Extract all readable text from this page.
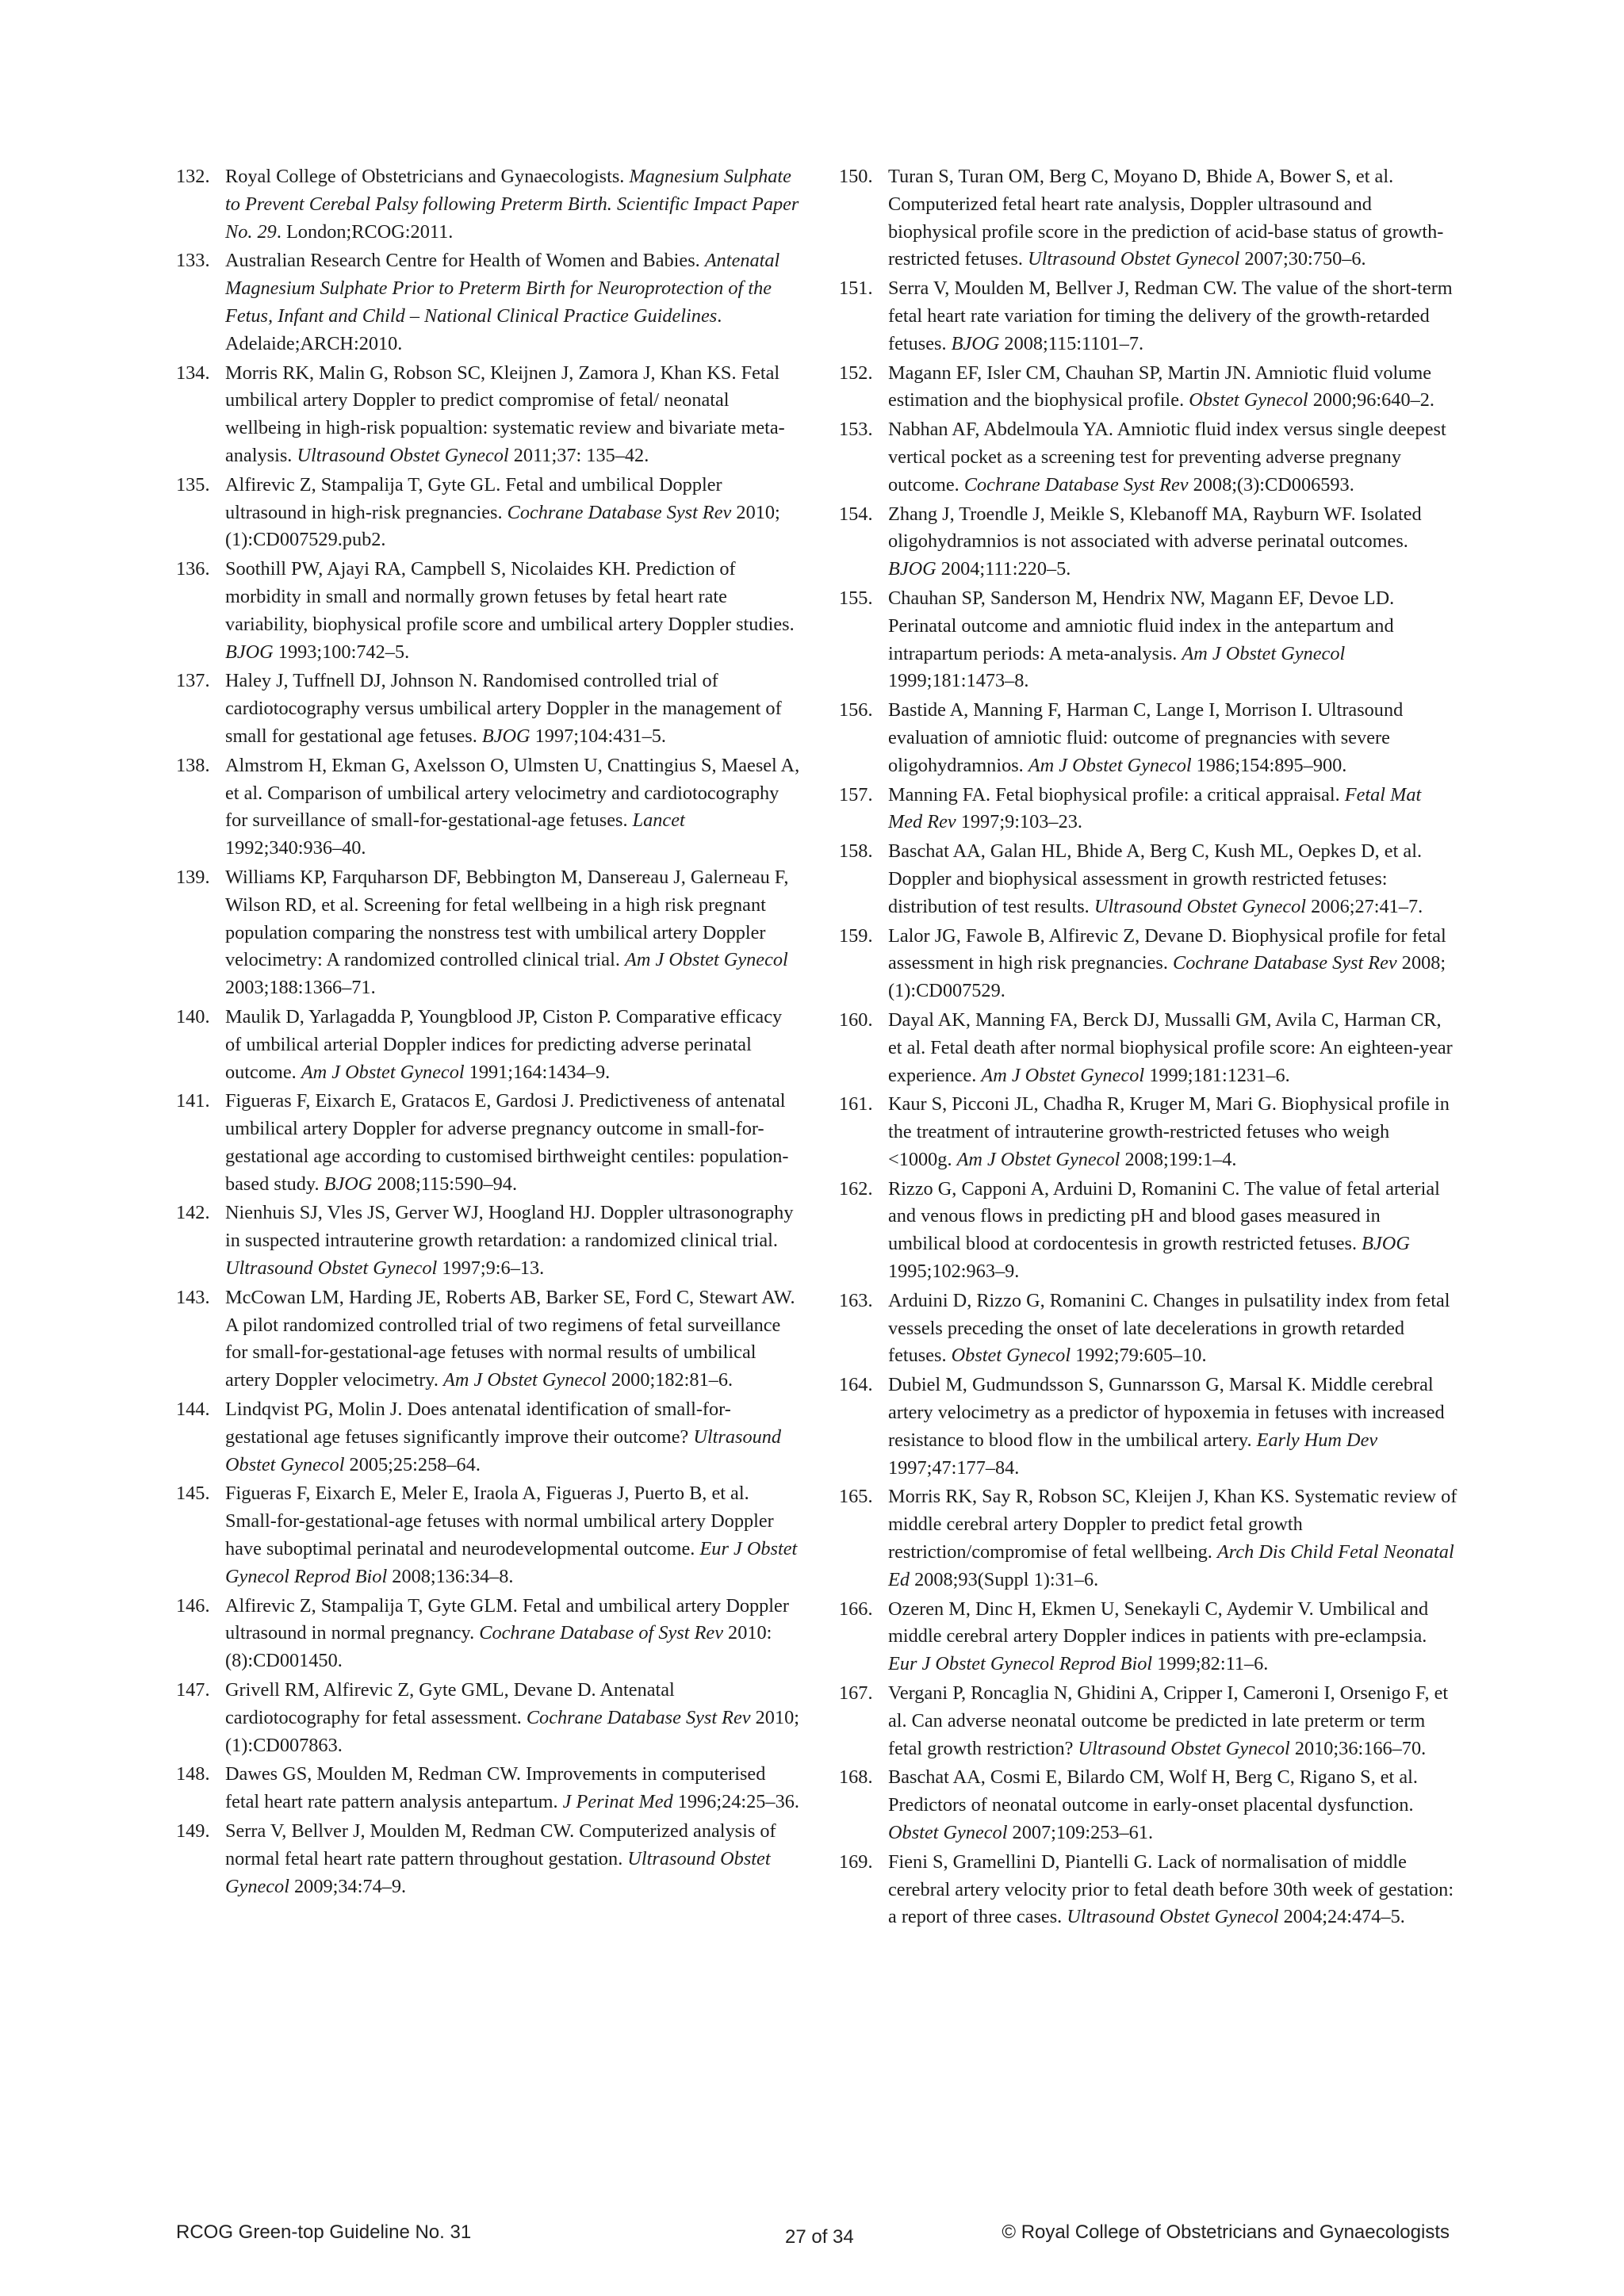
132. Royal College of Obstetricians and Gynaecologists. Magnesium Sulphate to Prevent Cerebal Palsy following Preterm Birth. Scientific Impact Paper No. 29. London;RCOG:2011.
133. Australian Research Centre for Health of Women and Babies. Antenatal Magnesium Sulphate Prior to Preterm Birth for Neuroprotection of the Fetus, Infant and Child – National Clinical Practice Guidelines. Adelaide;ARCH:2010.
134. Morris RK, Malin G, Robson SC, Kleijnen J, Zamora J, Khan KS. Fetal umbilical artery Doppler to predict compromise of fetal/ neonatal wellbeing in high-risk popualtion: systematic review and bivariate meta-analysis. Ultrasound Obstet Gynecol 2011;37: 135–42.
135. Alfirevic Z, Stampalija T, Gyte GL. Fetal and umbilical Doppler ultrasound in high-risk pregnancies. Cochrane Database Syst Rev 2010;(1):CD007529.pub2.
136. Soothill PW, Ajayi RA, Campbell S, Nicolaides KH. Prediction of morbidity in small and normally grown fetuses by fetal heart rate variability, biophysical profile score and umbilical artery Doppler studies. BJOG 1993;100:742–5.
137. Haley J, Tuffnell DJ, Johnson N. Randomised controlled trial of cardiotocography versus umbilical artery Doppler in the management of small for gestational age fetuses. BJOG 1997;104:431–5.
138. Almstrom H, Ekman G, Axelsson O, Ulmsten U, Cnattingius S, Maesel A, et al. Comparison of umbilical artery velocimetry and cardiotocography for surveillance of small-for-gestational-age fetuses. Lancet 1992;340:936–40.
139. Williams KP, Farquharson DF, Bebbington M, Dansereau J, Galerneau F, Wilson RD, et al. Screening for fetal wellbeing in a high risk pregnant population comparing the nonstress test with umbilical artery Doppler velocimetry: A randomized controlled clinical trial. Am J Obstet Gynecol 2003;188:1366–71.
140. Maulik D, Yarlagadda P, Youngblood JP, Ciston P. Comparative efficacy of umbilical arterial Doppler indices for predicting adverse perinatal outcome. Am J Obstet Gynecol 1991;164:1434–9.
141. Figueras F, Eixarch E, Gratacos E, Gardosi J. Predictiveness of antenatal umbilical artery Doppler for adverse pregnancy outcome in small-for-gestational age according to customised birthweight centiles: population-based study. BJOG 2008;115:590–94.
142. Nienhuis SJ, Vles JS, Gerver WJ, Hoogland HJ. Doppler ultrasonography in suspected intrauterine growth retardation: a randomized clinical trial. Ultrasound Obstet Gynecol 1997;9:6–13.
143. McCowan LM, Harding JE, Roberts AB, Barker SE, Ford C, Stewart AW. A pilot randomized controlled trial of two regimens of fetal surveillance for small-for-gestational-age fetuses with normal results of umbilical artery Doppler velocimetry. Am J Obstet Gynecol 2000;182:81–6.
144. Lindqvist PG, Molin J. Does antenatal identification of small-for-gestational age fetuses significantly improve their outcome? Ultrasound Obstet Gynecol 2005;25:258–64.
145. Figueras F, Eixarch E, Meler E, Iraola A, Figueras J, Puerto B, et al. Small-for-gestational-age fetuses with normal umbilical artery Doppler have suboptimal perinatal and neurodevelopmental outcome. Eur J Obstet Gynecol Reprod Biol 2008;136:34–8.
146. Alfirevic Z, Stampalija T, Gyte GLM. Fetal and umbilical artery Doppler ultrasound in normal pregnancy. Cochrane Database of Syst Rev 2010:(8):CD001450.
147. Grivell RM, Alfirevic Z, Gyte GML, Devane D. Antenatal cardiotocography for fetal assessment. Cochrane Database Syst Rev 2010;(1):CD007863.
148. Dawes GS, Moulden M, Redman CW. Improvements in computerised fetal heart rate pattern analysis antepartum. J Perinat Med 1996;24:25–36.
149. Serra V, Bellver J, Moulden M, Redman CW. Computerized analysis of normal fetal heart rate pattern throughout gestation. Ultrasound Obstet Gynecol 2009;34:74–9.
150. Turan S, Turan OM, Berg C, Moyano D, Bhide A, Bower S, et al. Computerized fetal heart rate analysis, Doppler ultrasound and biophysical profile score in the prediction of acid-base status of growth-restricted fetuses. Ultrasound Obstet Gynecol 2007;30:750–6.
151. Serra V, Moulden M, Bellver J, Redman CW. The value of the short-term fetal heart rate variation for timing the delivery of the growth-retarded fetuses. BJOG 2008;115:1101–7.
152. Magann EF, Isler CM, Chauhan SP, Martin JN. Amniotic fluid volume estimation and the biophysical profile. Obstet Gynecol 2000;96:640–2.
153. Nabhan AF, Abdelmoula YA. Amniotic fluid index versus single deepest vertical pocket as a screening test for preventing adverse pregnany outcome. Cochrane Database Syst Rev 2008;(3):CD006593.
154. Zhang J, Troendle J, Meikle S, Klebanoff MA, Rayburn WF. Isolated oligohydramnios is not associated with adverse perinatal outcomes. BJOG 2004;111:220–5.
155. Chauhan SP, Sanderson M, Hendrix NW, Magann EF, Devoe LD. Perinatal outcome and amniotic fluid index in the antepartum and intrapartum periods: A meta-analysis. Am J Obstet Gynecol 1999;181:1473–8.
156. Bastide A, Manning F, Harman C, Lange I, Morrison I. Ultrasound evaluation of amniotic fluid: outcome of pregnancies with severe oligohydramnios. Am J Obstet Gynecol 1986;154:895–900.
157. Manning FA. Fetal biophysical profile: a critical appraisal. Fetal Mat Med Rev 1997;9:103–23.
158. Baschat AA, Galan HL, Bhide A, Berg C, Kush ML, Oepkes D, et al. Doppler and biophysical assessment in growth restricted fetuses: distribution of test results. Ultrasound Obstet Gynecol 2006;27:41–7.
159. Lalor JG, Fawole B, Alfirevic Z, Devane D. Biophysical profile for fetal assessment in high risk pregnancies. Cochrane Database Syst Rev 2008;(1):CD007529.
160. Dayal AK, Manning FA, Berck DJ, Mussalli GM, Avila C, Harman CR, et al. Fetal death after normal biophysical profile score: An eighteen-year experience. Am J Obstet Gynecol 1999;181:1231–6.
161. Kaur S, Picconi JL, Chadha R, Kruger M, Mari G. Biophysical profile in the treatment of intrauterine growth-restricted fetuses who weigh <1000g. Am J Obstet Gynecol 2008;199:1–4.
162. Rizzo G, Capponi A, Arduini D, Romanini C. The value of fetal arterial and venous flows in predicting pH and blood gases measured in umbilical blood at cordocentesis in growth restricted fetuses. BJOG 1995;102:963–9.
163. Arduini D, Rizzo G, Romanini C. Changes in pulsatility index from fetal vessels preceding the onset of late decelerations in growth retarded fetuses. Obstet Gynecol 1992;79:605–10.
164. Dubiel M, Gudmundsson S, Gunnarsson G, Marsal K. Middle cerebral artery velocimetry as a predictor of hypoxemia in fetuses with increased resistance to blood flow in the umbilical artery. Early Hum Dev 1997;47:177–84.
165. Morris RK, Say R, Robson SC, Kleijen J, Khan KS. Systematic review of middle cerebral artery Doppler to predict fetal growth restriction/compromise of fetal wellbeing. Arch Dis Child Fetal Neonatal Ed 2008;93(Suppl 1):31–6.
166. Ozeren M, Dinc H, Ekmen U, Senekayli C, Aydemir V. Umbilical and middle cerebral artery Doppler indices in patients with pre-eclampsia. Eur J Obstet Gynecol Reprod Biol 1999;82:11–6.
167. Vergani P, Roncaglia N, Ghidini A, Cripper I, Cameroni I, Orsenigo F, et al. Can adverse neonatal outcome be predicted in late preterm or term fetal growth restriction? Ultrasound Obstet Gynecol 2010;36:166–70.
168. Baschat AA, Cosmi E, Bilardo CM, Wolf H, Berg C, Rigano S, et al. Predictors of neonatal outcome in early-onset placental dysfunction. Obstet Gynecol 2007;109:253–61.
169. Fieni S, Gramellini D, Piantelli G. Lack of normalisation of middle cerebral artery velocity prior to fetal death before 30th week of gestation: a report of three cases. Ultrasound Obstet Gynecol 2004;24:474–5.
RCOG Green-top Guideline No. 31	27 of 34	© Royal College of Obstetricians and Gynaecologists
